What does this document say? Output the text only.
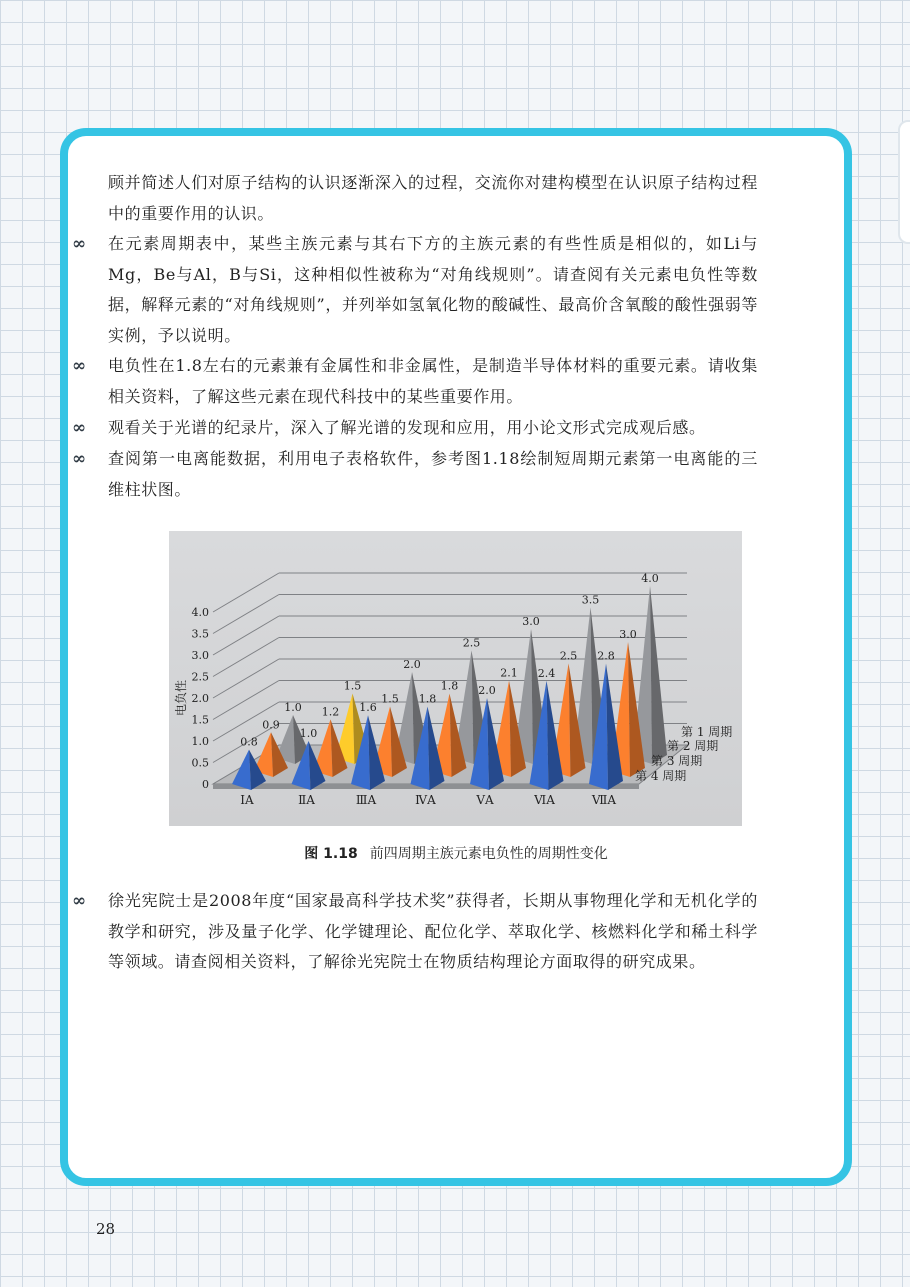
顾并简述人们对原子结构的认识逐渐深入的过程，交流你对建构模型在认识原子结构过程中的重要作用的认识。
∞ 在元素周期表中，某些主族元素与其右下方的主族元素的有些性质是相似的，如Li与Mg，Be与Al，B与Si，这种相似性被称为“对角线规则”。请查阅有关元素电负性等数据，解释元素的“对角线规则”，并列举如氢氧化物的酸碱性、最高价含氧酸的酸性强弱等实例，予以说明。
∞ 电负性在1.8左右的元素兼有金属性和非金属性，是制造半导体材料的重要元素。请收集相关资料，了解这些元素在现代科技中的某些重要作用。
∞ 观看关于光谱的纪录片，深入了解光谱的发现和应用，用小论文形式完成观后感。
∞ 查阅第一电离能数据，利用电子表格软件，参考图1.18绘制短周期元素第一电离能的三维柱状图。
0
0.5
1.0
1.5
2.0
2.5
3.0
3.5
4.0
电负性	1.0
1.5
2.0
2.5
3.0
3.5
4.0
0.9
1.2
1.5
1.8
2.1
2.5
3.0
0.8
1.0
1.6
1.8
2.0
2.4
2.8
ⅠA	ⅡA	ⅢA	ⅣA	ⅤA	ⅥA	ⅦA
第 1 周期
第 2 周期
第 3 周期
第 4 周期
图 1.18 前四周期主族元素电负性的周期性变化
∞ 徐光宪院士是2008年度“国家最高科学技术奖”获得者，长期从事物理化学和无机化学的教学和研究，涉及量子化学、化学键理论、配位化学、萃取化学、核燃料化学和稀土科学等领域。请查阅相关资料，了解徐光宪院士在物质结构理论方面取得的研究成果。
28
